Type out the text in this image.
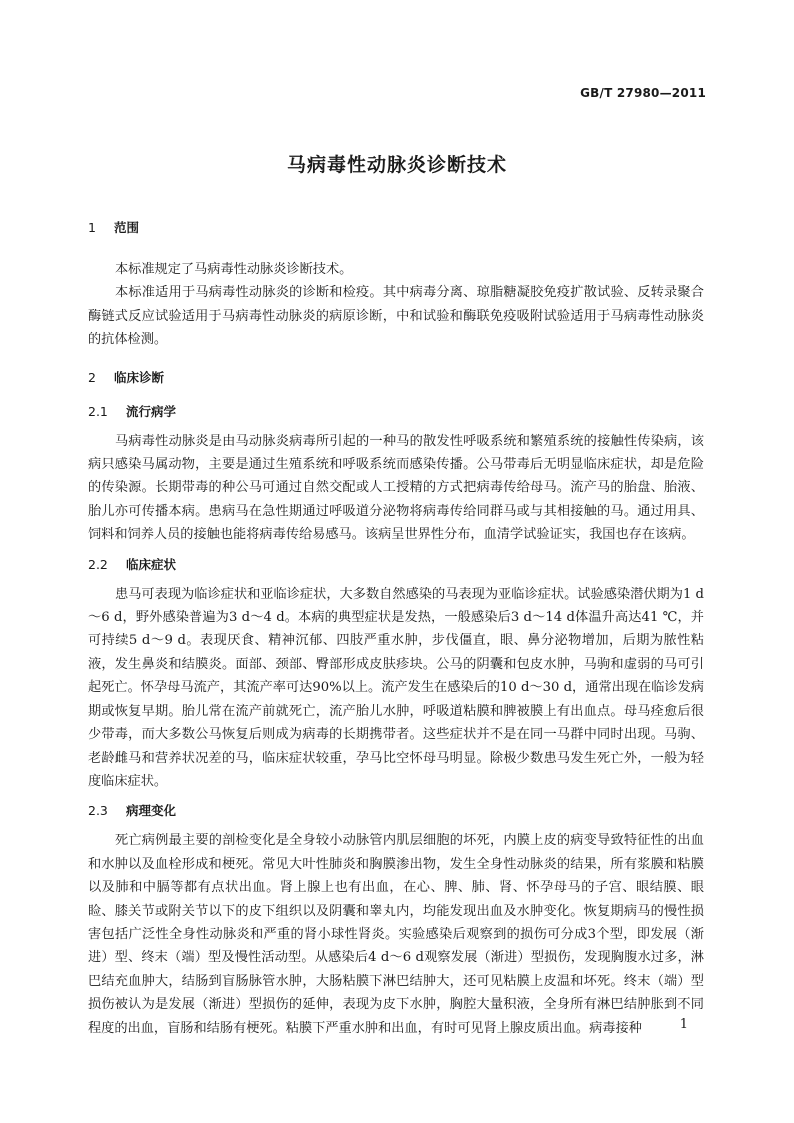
GB/T 27980—2011
马病毒性动脉炎诊断技术
1 范围

本标准规定了马病毒性动脉炎诊断技术。

本标准适用于马病毒性动脉炎的诊断和检疫。其中病毒分离、琼脂糖凝胶免疫扩散试验、反转录聚合酶链式反应试验适用于马病毒性动脉炎的病原诊断，中和试验和酶联免疫吸附试验适用于马病毒性动脉炎的抗体检测。

2 临床诊断
2.1 流行病学

马病毒性动脉炎是由马动脉炎病毒所引起的一种马的散发性呼吸系统和繁殖系统的接触性传染病，该病只感染马属动物，主要是通过生殖系统和呼吸系统而感染传播。公马带毒后无明显临床症状，却是危险的传染源。长期带毒的种公马可通过自然交配或人工授精的方式把病毒传给母马。流产马的胎盘、胎液、胎儿亦可传播本病。患病马在急性期通过呼吸道分泌物将病毒传给同群马或与其相接触的马。通过用具、饲料和饲养人员的接触也能将病毒传给易感马。该病呈世界性分布，血清学试验证实，我国也存在该病。

2.2 临床症状

患马可表现为临诊症状和亚临诊症状，大多数自然感染的马表现为亚临诊症状。试验感染潜伏期为1 d～6 d，野外感染普遍为3 d～4 d。本病的典型症状是发热，一般感染后3 d～14 d体温升高达41 ℃，并可持续5 d～9 d。表现厌食、精神沉郁、四肢严重水肿，步伐僵直，眼、鼻分泌物增加，后期为脓性粘液，发生鼻炎和结膜炎。面部、颈部、臀部形成皮肤疹块。公马的阴囊和包皮水肿，马驹和虚弱的马可引起死亡。怀孕母马流产，其流产率可达90%以上。流产发生在感染后的10 d～30 d，通常出现在临诊发病期或恢复早期。胎儿常在流产前就死亡，流产胎儿水肿，呼吸道粘膜和脾被膜上有出血点。母马痊愈后很少带毒，而大多数公马恢复后则成为病毒的长期携带者。这些症状并不是在同一马群中同时出现。马驹、老龄雌马和营养状况差的马，临床症状较重，孕马比空怀母马明显。除极少数患马发生死亡外，一般为轻度临床症状。

2.3 病理变化

死亡病例最主要的剖检变化是全身较小动脉管内肌层细胞的坏死，内膜上皮的病变导致特征性的出血和水肿以及血栓形成和梗死。常见大叶性肺炎和胸膜渗出物，发生全身性动脉炎的结果，所有浆膜和粘膜以及肺和中膈等都有点状出血。肾上腺上也有出血，在心、脾、肺、肾、怀孕母马的子宫、眼结膜、眼睑、膝关节或附关节以下的皮下组织以及阴囊和睾丸内，均能发现出血及水肿变化。恢复期病马的慢性损害包括广泛性全身性动脉炎和严重的肾小球性肾炎。实验感染后观察到的损伤可分成3个型，即发展（渐进）型、终末（端）型及慢性活动型。从感染后4 d～6 d观察发展（渐进）型损伤，发现胸腹水过多，淋巴结充血肿大，结肠到盲肠脉管水肿，大肠粘膜下淋巴结肿大，还可见粘膜上皮温和坏死。终末（端）型损伤被认为是发展（渐进）型损伤的延伸，表现为皮下水肿，胸腔大量积液，全身所有淋巴结肿胀到不同程度的出血，盲肠和结肠有梗死。粘膜下严重水肿和出血，有时可见肾上腺皮质出血。病毒接种	1
